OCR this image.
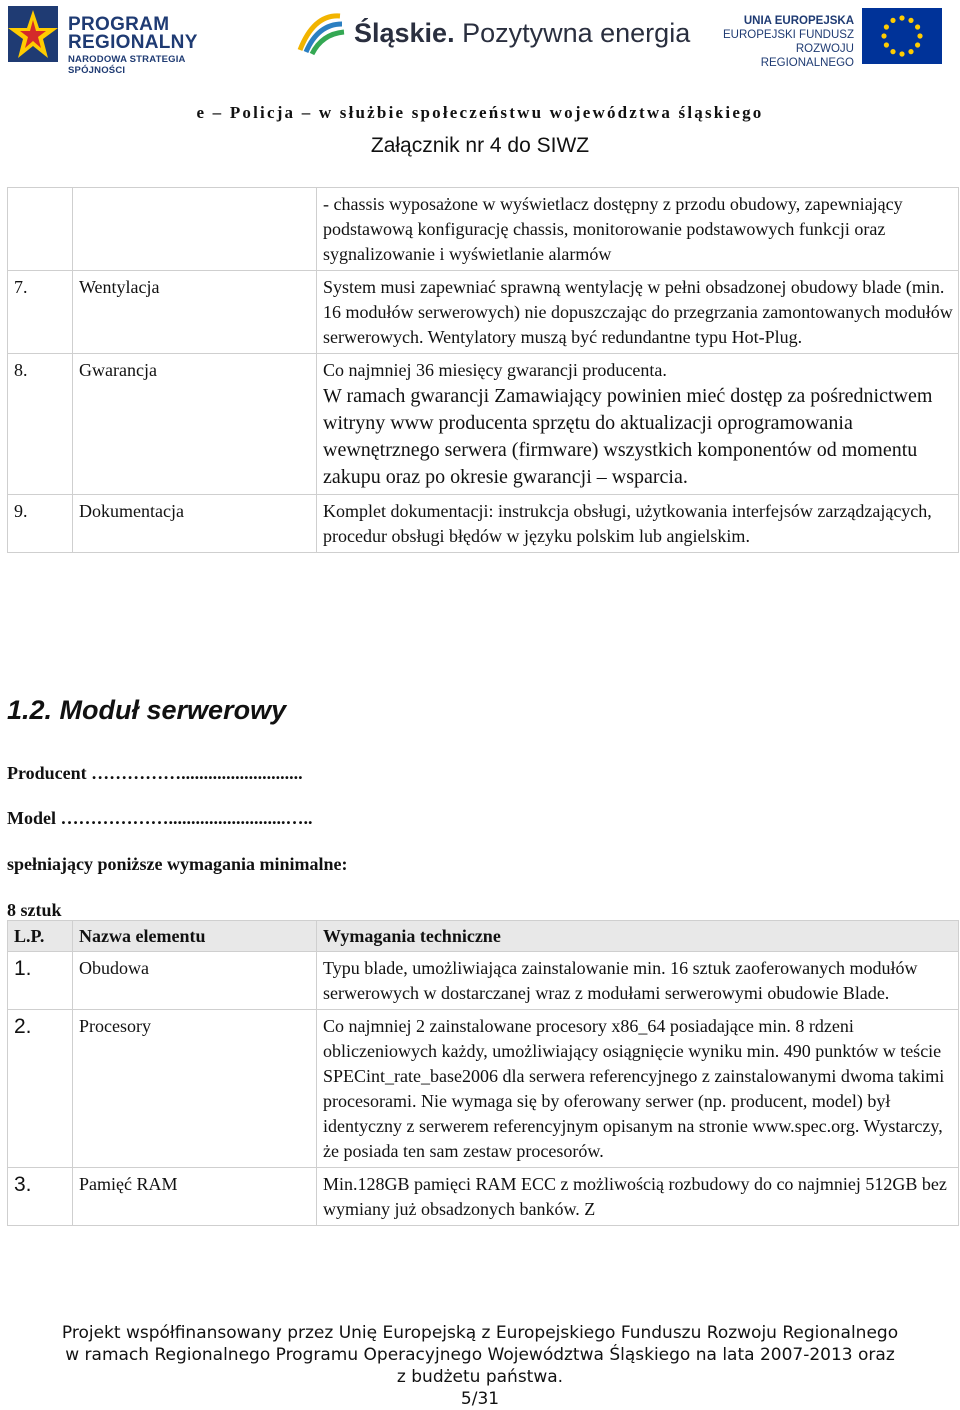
PROGRAM
REGIONALNY
NARODOWA STRATEGIA SPÓJNOŚCI
Śląskie. Pozytywna energia	UNIA EUROPEJSKA
EUROPEJSKI FUNDUSZ
ROZWOJU REGIONALNEGO
e – Policja – w służbie społeczeństwu województwa śląskiego
Załącznik nr 4 do SIWZ
		- chassis wyposażone w wyświetlacz dostępny z przodu obudowy, zapewniający podstawową konfigurację chassis, monitorowanie podstawowych funkcji oraz sygnalizowanie i wyświetlanie alarmów
7.	Wentylacja	System musi zapewniać sprawną wentylację w pełni obsadzonej obudowy blade (min. 16 modułów serwerowych) nie dopuszczając do przegrzania zamontowanych modułów serwerowych. Wentylatory muszą być redundantne typu Hot-Plug.
8.	Gwarancja	Co najmniej 36 miesięcy gwarancji producenta.
W ramach gwarancji Zamawiający powinien mieć dostęp za pośrednictwem witryny www producenta sprzętu do aktualizacji oprogramowania wewnętrznego serwera (firmware) wszystkich komponentów od momentu zakupu oraz po okresie gwarancji – wsparcia.

9.	Dokumentacja	Komplet dokumentacji: instrukcja obsługi, użytkowania interfejsów zarządzających, procedur obsługi błędów w języku polskim lub angielskim.
1.2. Moduł serwerowy
Producent ……………...........................
Model ………………..........................…..
spełniający poniższe wymagania minimalne:
8 sztuk
L.P.	Nazwa elementu	Wymagania techniczne
1.	Obudowa	Typu blade, umożliwiająca zainstalowanie min. 16 sztuk zaoferowanych modułów serwerowych w dostarczanej wraz z modułami serwerowymi obudowie Blade.
2.	Procesory	Co najmniej 2 zainstalowane procesory x86_64 posiadające min. 8 rdzeni obliczeniowych każdy, umożliwiający osiągnięcie wyniku min. 490 punktów w teście SPECint_rate_base2006 dla serwera referencyjnego z zainstalowanymi dwoma takimi procesorami. Nie wymaga się by oferowany serwer (np. producent, model) był identyczny z serwerem referencyjnym opisanym na stronie www.spec.org. Wystarczy, że posiada ten sam zestaw procesorów.
3.	Pamięć RAM	Min.128GB pamięci RAM ECC z możliwością rozbudowy do co najmniej 512GB bez wymiany już obsadzonych banków. Z
Projekt współfinansowany przez Unię Europejską z Europejskiego Funduszu Rozwoju Regionalnego
w ramach Regionalnego Programu Operacyjnego Województwa Śląskiego na lata 2007-2013 oraz
z budżetu państwa.
5/31
